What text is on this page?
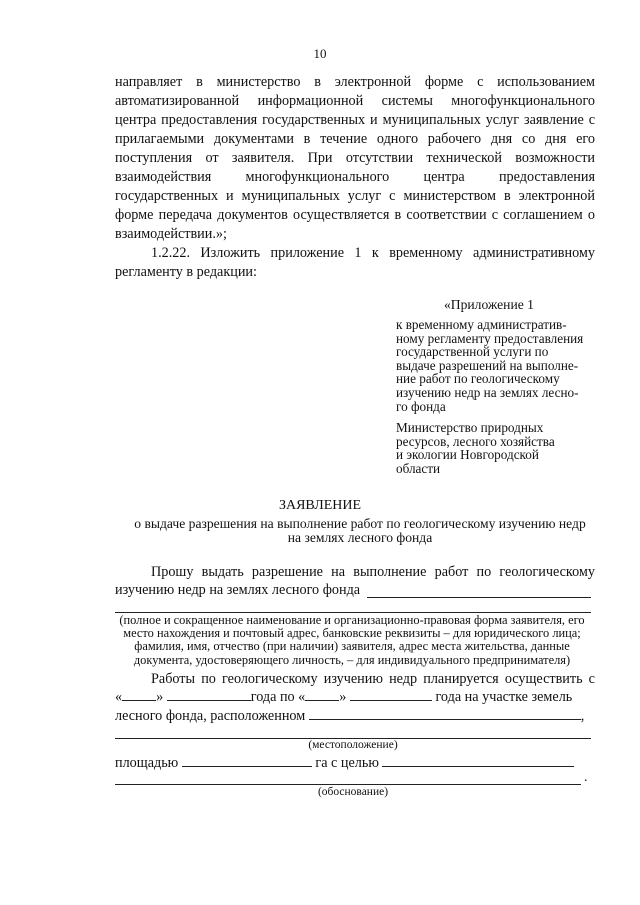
10
направляет в министерство в электронной форме с использованием
автоматизированной информационной системы многофункционального
центра предоставления государственных и муниципальных услуг заявление с
прилагаемыми документами в течение одного рабочего дня со дня его
поступления от заявителя. При отсутствии технической возможности
взаимодействия многофункционального центра предоставления
государственных и муниципальных услуг с министерством в электронной
форме передача документов осуществляется в соответствии с соглашением о
взаимодействии.»;
1.2.22. Изложить приложение 1 к временному административному
регламенту в редакции:
«Приложение 1
к временному административ-
ному регламенту предоставления
государственной услуги по
выдаче разрешений на выполне-
ние работ по геологическому
изучению недр на землях лесно-
го фонда
Министерство природных
ресурсов, лесного хозяйства
и экологии Новгородской
области
ЗАЯВЛЕНИЕ
о выдаче разрешения на выполнение работ по геологическому изучению недр
на землях лесного фонда
Прошу выдать разрешение на выполнение работ по геологическому
изучению недр на землях лесного фонда
(полное и сокращенное наименование и организационно-правовая форма заявителя, его
место нахождения и почтовый адрес, банковские реквизиты – для юридического лица;
фамилия, имя, отчество (при наличии) заявителя, адрес места жительства, данные
документа, удостоверяющего личность, – для индивидуального предпринимателя)
Работы по геологическому изучению недр планируется осуществить с
« »	года по « »	года на участке земель
лесного фонда, расположенном	,
(местоположение)
площадью	га с целью
.
(обоснование)
